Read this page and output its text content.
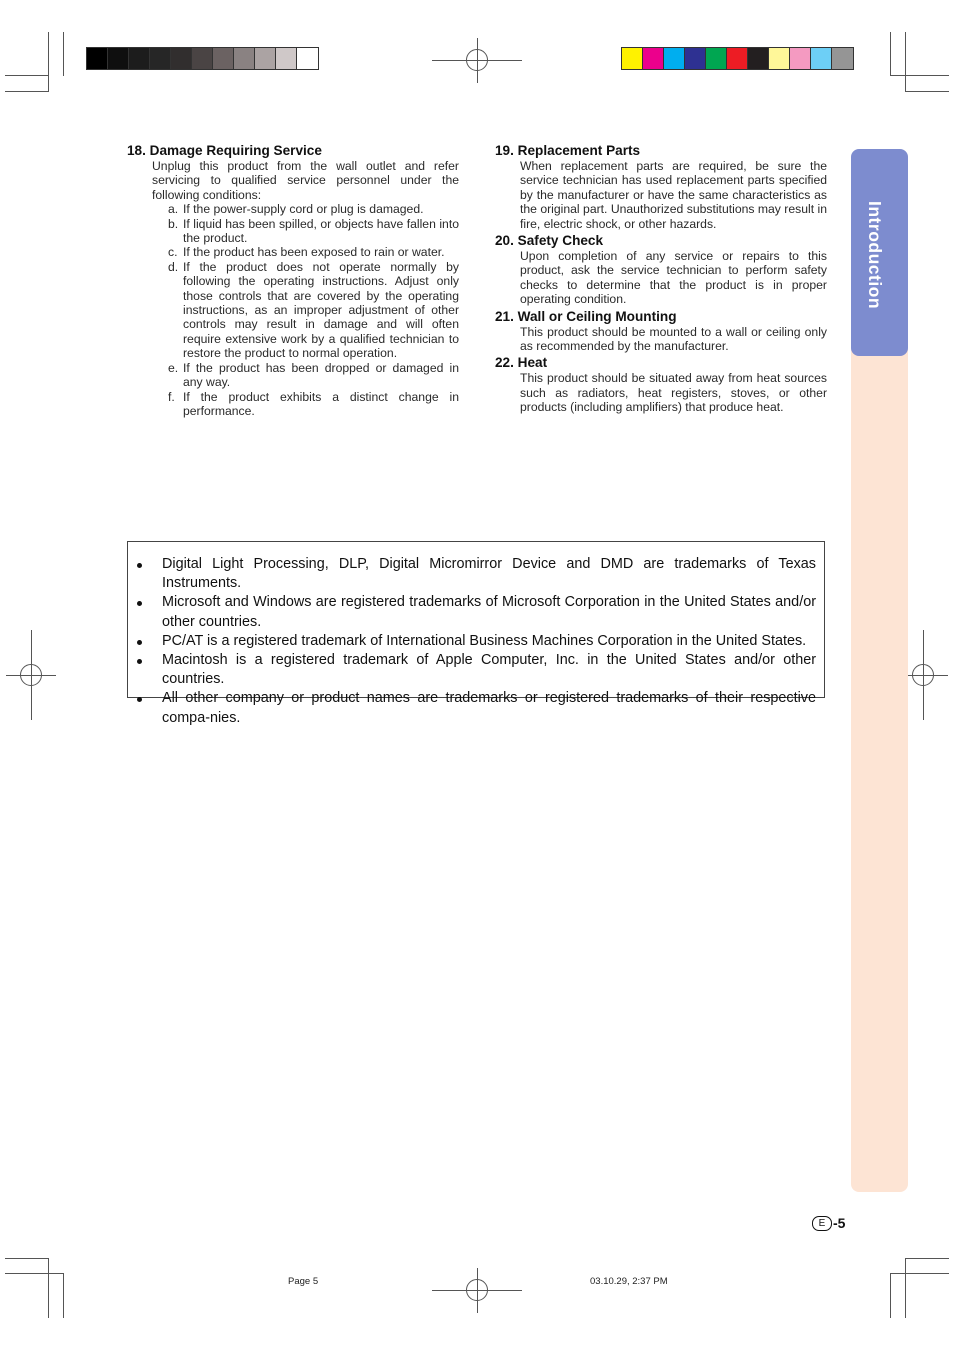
Introduction
18. Damage Requiring Service
Unplug this product from the wall outlet and refer servicing to qualified service personnel under the following conditions:
a. If the power-supply cord or plug is damaged.
b. If liquid has been spilled, or objects have fallen into the product.
c. If the product has been exposed to rain or water.
d. If the product does not operate normally by following the operating instructions. Adjust only those controls that are covered by the operating instructions, as an improper adjustment of other controls may result in damage and will often require extensive work by a qualified technician to restore the product to normal operation.
e. If the product has been dropped or damaged in any way.
f. If the product exhibits a distinct change in performance.
19. Replacement Parts
When replacement parts are required, be sure the service technician has used replacement parts specified by the manufacturer or have the same characteristics as the original part. Unauthorized substitutions may result in fire, electric shock, or other hazards.
20. Safety Check
Upon completion of any service or repairs to this product, ask the service technician to perform safety checks to determine that the product is in proper operating condition.
21. Wall or Ceiling Mounting
This product should be mounted to a wall or ceiling only as recommended by the manufacturer.
22. Heat
This product should be situated away from heat sources such as radiators, heat registers, stoves, or other products (including amplifiers) that produce heat.
Digital Light Processing, DLP, Digital Micromirror Device and DMD are trademarks of Texas Instruments.
Microsoft and Windows are registered trademarks of Microsoft Corporation in the United States and/or other countries.
PC/AT is a registered trademark of International Business Machines Corporation in the United States.
Macintosh is a registered trademark of Apple Computer, Inc. in the United States and/or other countries.
All other company or product names are trademarks or registered trademarks of their respective compa-nies.
E -5
Page 5	03.10.29, 2:37 PM
